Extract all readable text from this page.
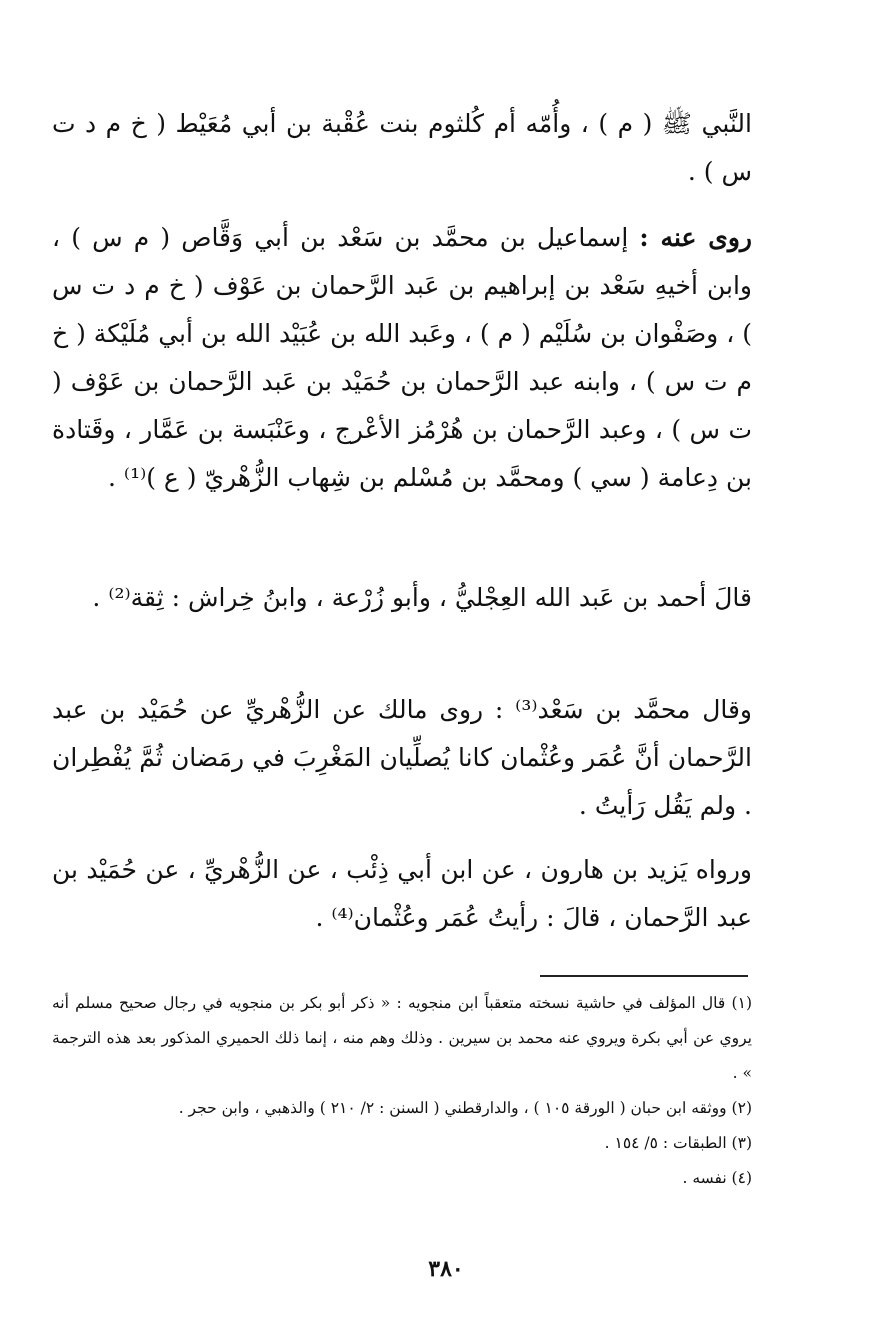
النَّبي ﷺ ( م ) ، وأُمّه أم كُلثوم بنت عُقْبة بن أبي مُعَيْط ( خ م د ت س ) .

روى عنه : إسماعيل بن محمَّد بن سَعْد بن أبي وَقَّاص ( م س ) ، وابن أخيهِ سَعْد بن إبراهيم بن عَبد الرَّحمان بن عَوْف ( خ م د ت س ) ، وصَفْوان بن سُلَيْم ( م ) ، وعَبد الله بن عُبَيْد الله بن أبي مُلَيْكة ( خ م ت س ) ، وابنه عبد الرَّحمان بن حُمَيْد بن عَبد الرَّحمان بن عَوْف ( ت س ) ، وعبد الرَّحمان بن هُرْمُز الأعْرج ، وعَنْبَسة بن عَمَّار ، وقَتادة بن دِعامة ( سي ) ومحمَّد بن مُسْلم بن شِهاب الزُّهْريّ ( ع )⁽¹⁾ .

قالَ أحمد بن عَبد الله العِجْليُّ ، وأبو زُرْعة ، وابنُ خِراش : ثِقة⁽²⁾ .

وقال محمَّد بن سَعْد⁽³⁾ : روى مالك عن الزُّهْريِّ عن حُمَيْد بن عبد الرَّحمان أنَّ عُمَر وعُثْمان كانا يُصلِّيان المَغْرِبَ في رمَضان ثُمَّ يُفْطِران . ولم يَقُل رَأيتُ .

ورواه يَزيد بن هارون ، عن ابن أبي ذِئْب ، عن الزُّهْريِّ ، عن حُمَيْد بن عبد الرَّحمان ، قالَ : رأيتُ عُمَر وعُثْمان⁽⁴⁾ .

(١) قال المؤلف في حاشية نسخته متعقباً ابن منجويه : « ذكر أبو بكر بن منجويه في رجال صحيح مسلم أنه يروي عن أبي بكرة ويروي عنه محمد بن سيرين . وذلك وهم منه ، إنما ذلك الحميري المذكور بعد هذه الترجمة » .

(٢) ووثقه ابن حبان ( الورقة ١٠٥ ) ، والدارقطني ( السنن : ٢/ ٢١٠ ) والذهبي ، وابن حجر .

(٣) الطبقات : ٥/ ١٥٤ .

(٤) نفسه .

٣٨٠
